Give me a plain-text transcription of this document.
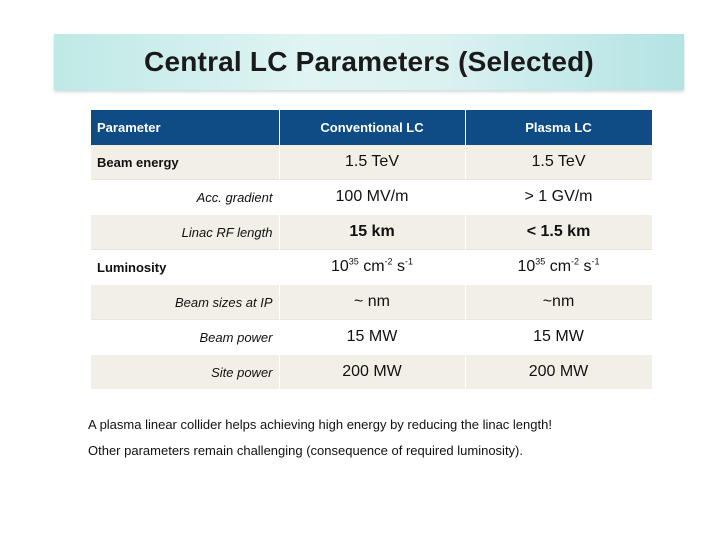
Central LC Parameters (Selected)
Parameter	Conventional LC	Plasma LC
Beam energy	1.5 TeV	1.5 TeV
Acc. gradient	100 MV/m	> 1 GV/m
Linac RF length	15 km	< 1.5 km
Luminosity	$10^{35}$ $cm^{-2}$ $s^{-1}$	$10^{35}$ $cm^{-2}$ $s^{-1}$
Beam sizes at IP	~ nm	~nm
Beam power	15 MW	15 MW
Site power	200 MW	200 MW

A plasma linear collider helps achieving high energy by reducing the linac length!

Other parameters remain challenging (consequence of required luminosity).
